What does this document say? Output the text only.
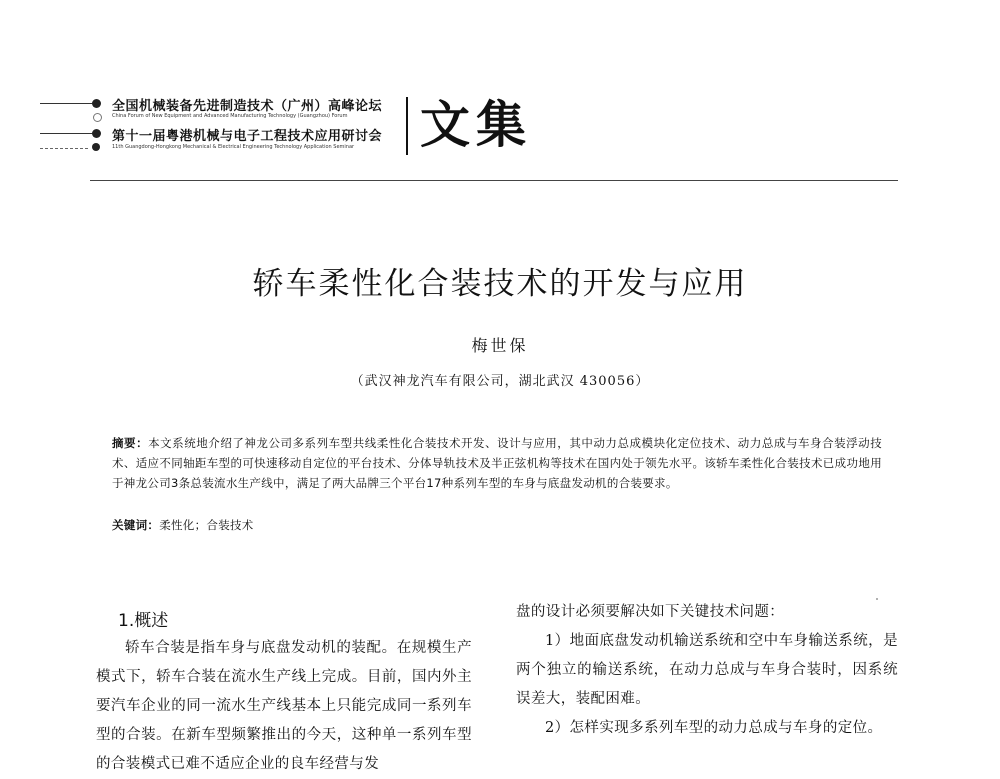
全国机械装备先进制造技术（广州）高峰论坛
China Forum of New Equipment and Advanced Manufacturing Technology (Guangzhou) Forum
第十一届粤港机械与电子工程技术应用研讨会
11th Guangdong-Hongkong Mechanical & Electrical Engineering Technology Application Seminar 文集
轿车柔性化合装技术的开发与应用
梅世保
（武汉神龙汽车有限公司，湖北武汉 430056）
摘要：本文系统地介绍了神龙公司多系列车型共线柔性化合装技术开发、设计与应用，其中动力总成模块化定位技术、动力总成与车身合装浮动技术、适应不同轴距车型的可快速移动自定位的平台技术、分体导轨技术及半正弦机构等技术在国内处于领先水平。该轿车柔性化合装技术已成功地用于神龙公司3条总装流水生产线中，满足了两大品牌三个平台17种系列车型的车身与底盘发动机的合装要求。
关键词：柔性化；合装技术
1.概述

轿车合装是指车身与底盘发动机的装配。在规模生产模式下，轿车合装在流水生产线上完成。目前，国内外主要汽车企业的同一流水生产线基本上只能完成同一系列车型的合装。在新车型频繁推出的今天，这种单一系列车型的合装模式已难不适应企业的良车经营与发

盘的设计必须要解决如下关键技术问题：

1）地面底盘发动机输送系统和空中车身输送系统，是两个独立的输送系统，在动力总成与车身合装时，因系统误差大，装配困难。

2）怎样实现多系列车型的动力总成与车身的定位。
